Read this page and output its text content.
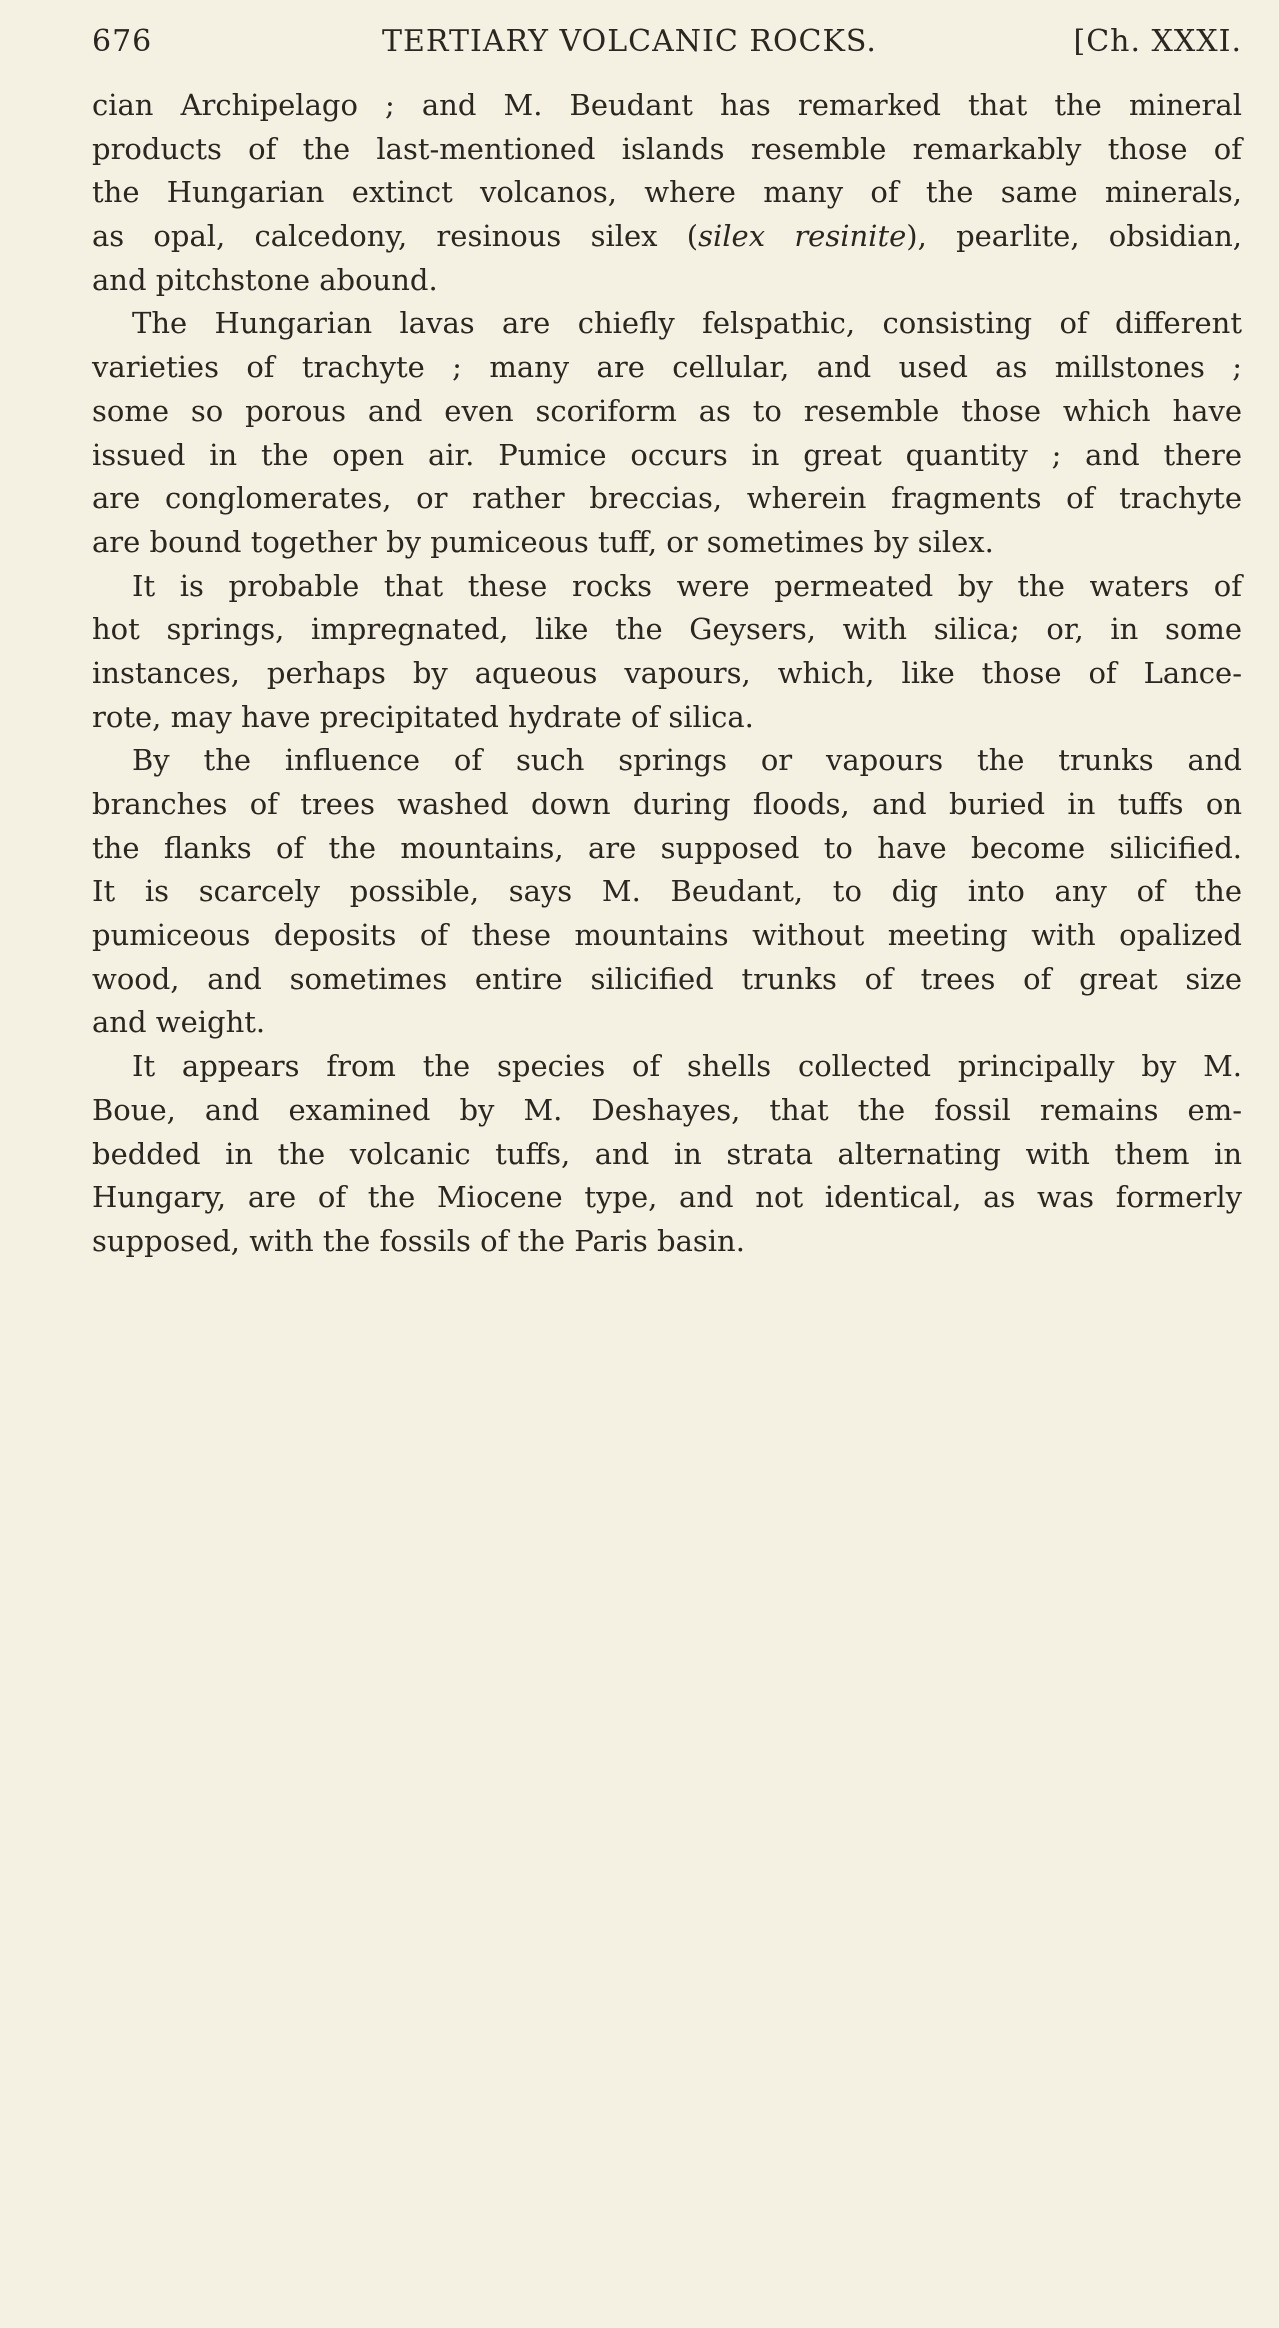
676	TERTIARY VOLCANIC ROCKS.	[Ch. XXXI.
cian Archipelago ; and M. Beudant has remarked that the mineral
products of the last-mentioned islands resemble remarkably those of
the Hungarian extinct volcanos, where many of the same minerals,
as opal, calcedony, resinous silex (silex resinite), pearlite, obsidian,
and pitchstone abound.
The Hungarian lavas are chiefly felspathic, consisting of different
varieties of trachyte ; many are cellular, and used as millstones ;
some so porous and even scoriform as to resemble those which have
issued in the open air. Pumice occurs in great quantity ; and there
are conglomerates, or rather breccias, wherein fragments of trachyte
are bound together by pumiceous tuff, or sometimes by silex.
It is probable that these rocks were permeated by the waters of
hot springs, impregnated, like the Geysers, with silica; or, in some
instances, perhaps by aqueous vapours, which, like those of Lance-
rote, may have precipitated hydrate of silica.
By the influence of such springs or vapours the trunks and
branches of trees washed down during floods, and buried in tuffs on
the flanks of the mountains, are supposed to have become silicified.
It is scarcely possible, says M. Beudant, to dig into any of the
pumiceous deposits of these mountains without meeting with opalized
wood, and sometimes entire silicified trunks of trees of great size
and weight.
It appears from the species of shells collected principally by M.
Boue, and examined by M. Deshayes, that the fossil remains em-
bedded in the volcanic tuffs, and in strata alternating with them in
Hungary, are of the Miocene type, and not identical, as was formerly
supposed, with the fossils of the Paris basin.
